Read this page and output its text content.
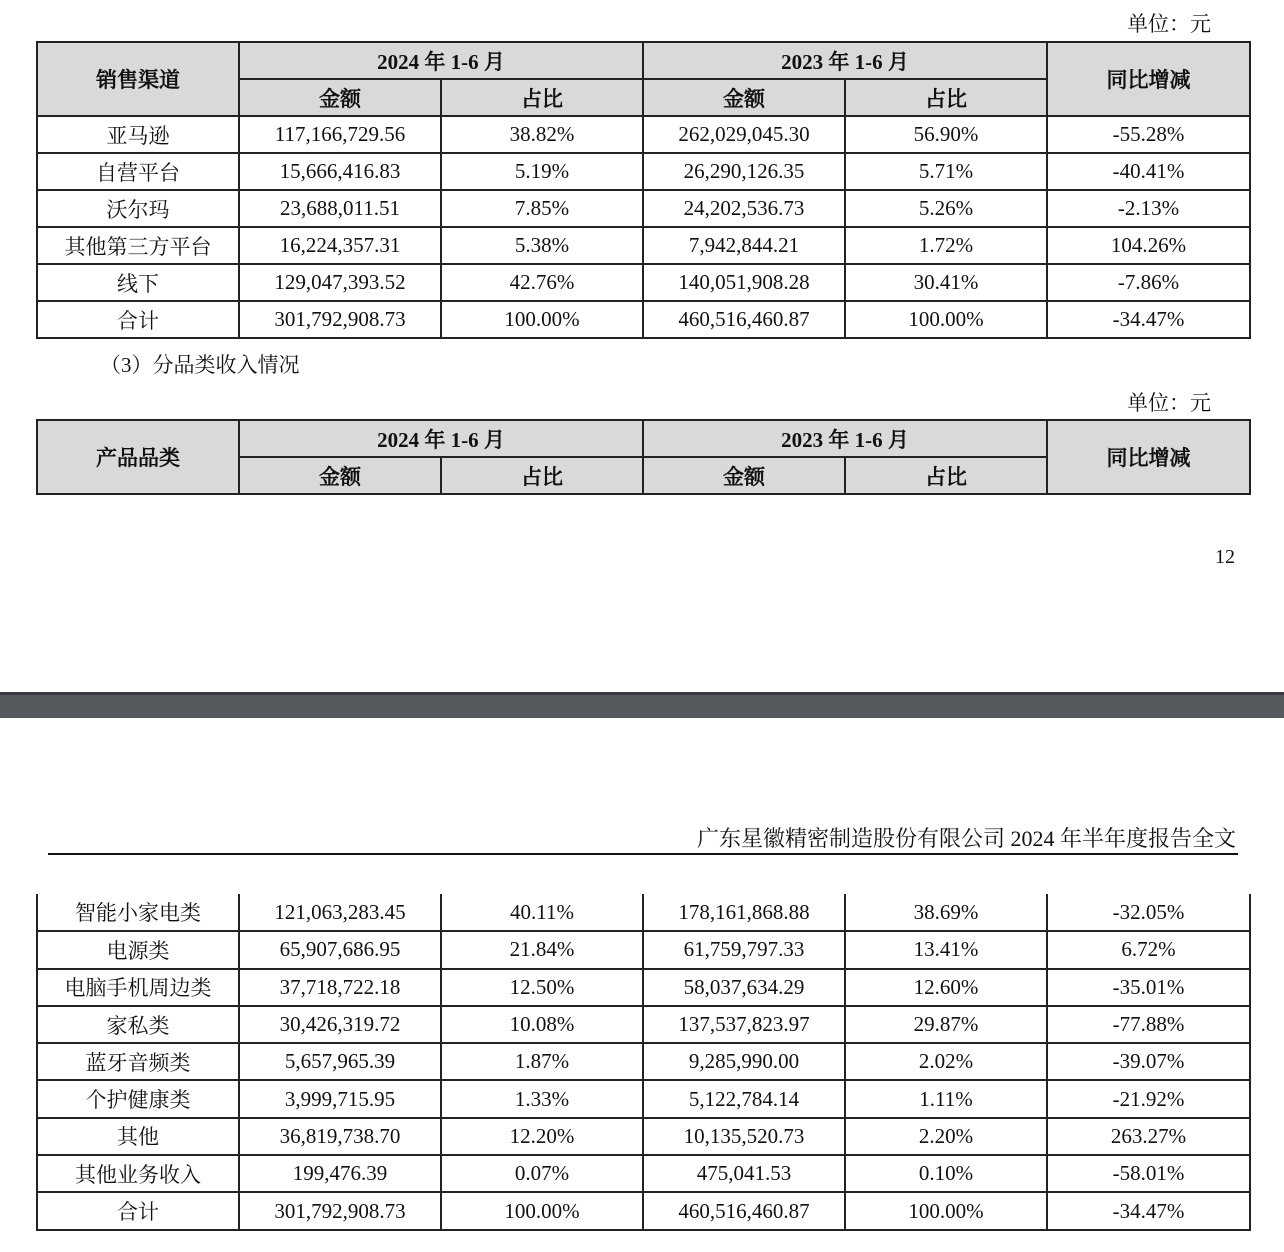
单位：元
销售渠道	2024 年 1-6 月		2023 年 1-6 月		同比增减
	金额	占比	金额	占比	
亚马逊	117,166,729.56	38.82%	262,029,045.30	56.90%	-55.28%
自营平台	15,666,416.83	5.19%	26,290,126.35	5.71%	-40.41%
沃尔玛	23,688,011.51	7.85%	24,202,536.73	5.26%	-2.13%
其他第三方平台	16,224,357.31	5.38%	7,942,844.21	1.72%	104.26%
线下	129,047,393.52	42.76%	140,051,908.28	30.41%	-7.86%
合计	301,792,908.73	100.00%	460,516,460.87	100.00%	-34.47%
（3）分品类收入情况
单位：元
产品品类	2024 年 1-6 月		2023 年 1-6 月		同比增减
	金额	占比	金额	占比	
12
广东星徽精密制造股份有限公司 2024 年半年度报告全文
智能小家电类	121,063,283.45	40.11%	178,161,868.88	38.69%	-32.05%
电源类	65,907,686.95	21.84%	61,759,797.33	13.41%	6.72%
电脑手机周边类	37,718,722.18	12.50%	58,037,634.29	12.60%	-35.01%
家私类	30,426,319.72	10.08%	137,537,823.97	29.87%	-77.88%
蓝牙音频类	5,657,965.39	1.87%	9,285,990.00	2.02%	-39.07%
个护健康类	3,999,715.95	1.33%	5,122,784.14	1.11%	-21.92%
其他	36,819,738.70	12.20%	10,135,520.73	2.20%	263.27%
其他业务收入	199,476.39	0.07%	475,041.53	0.10%	-58.01%
合计	301,792,908.73	100.00%	460,516,460.87	100.00%	-34.47%
